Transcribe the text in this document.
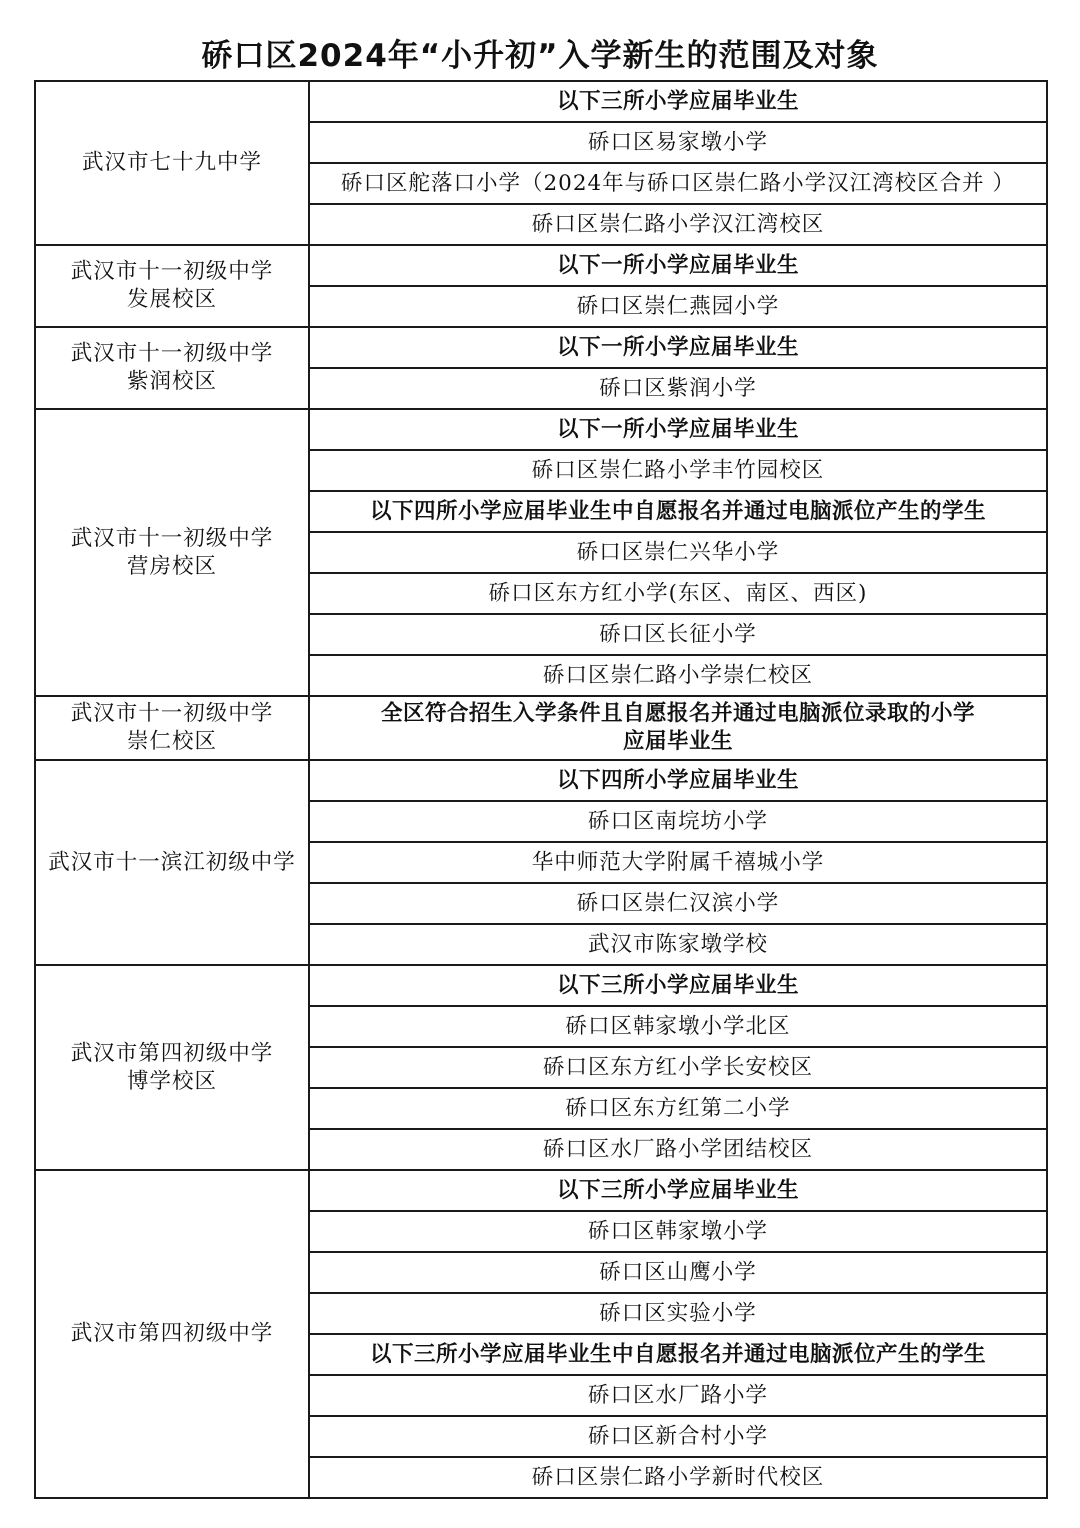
硚口区2024年“小升初”入学新生的范围及对象
武汉市七十九中学	以下三所小学应届毕业生
	硚口区易家墩小学
	硚口区舵落口小学（2024年与硚口区崇仁路小学汉江湾校区合并 ）
	硚口区崇仁路小学汉江湾校区

武汉市十一初级中学
发展校区	以下一所小学应届毕业生
	硚口区崇仁燕园小学

武汉市十一初级中学
紫润校区	以下一所小学应届毕业生
	硚口区紫润小学

武汉市十一初级中学
营房校区	以下一所小学应届毕业生
	硚口区崇仁路小学丰竹园校区
	以下四所小学应届毕业生中自愿报名并通过电脑派位产生的学生
	硚口区崇仁兴华小学
	硚口区东方红小学(东区、南区、西区)
	硚口区长征小学
	硚口区崇仁路小学崇仁校区

武汉市十一初级中学
崇仁校区	全区符合招生入学条件且自愿报名并通过电脑派位录取的小学
应届毕业生

武汉市十一滨江初级中学	以下四所小学应届毕业生
	硚口区南垸坊小学
	华中师范大学附属千禧城小学
	硚口区崇仁汉滨小学
	武汉市陈家墩学校

武汉市第四初级中学
博学校区	以下三所小学应届毕业生
	硚口区韩家墩小学北区
	硚口区东方红小学长安校区
	硚口区东方红第二小学
	硚口区水厂路小学团结校区

武汉市第四初级中学	以下三所小学应届毕业生
	硚口区韩家墩小学
	硚口区山鹰小学
	硚口区实验小学
	以下三所小学应届毕业生中自愿报名并通过电脑派位产生的学生
	硚口区水厂路小学
	硚口区新合村小学
	硚口区崇仁路小学新时代校区
